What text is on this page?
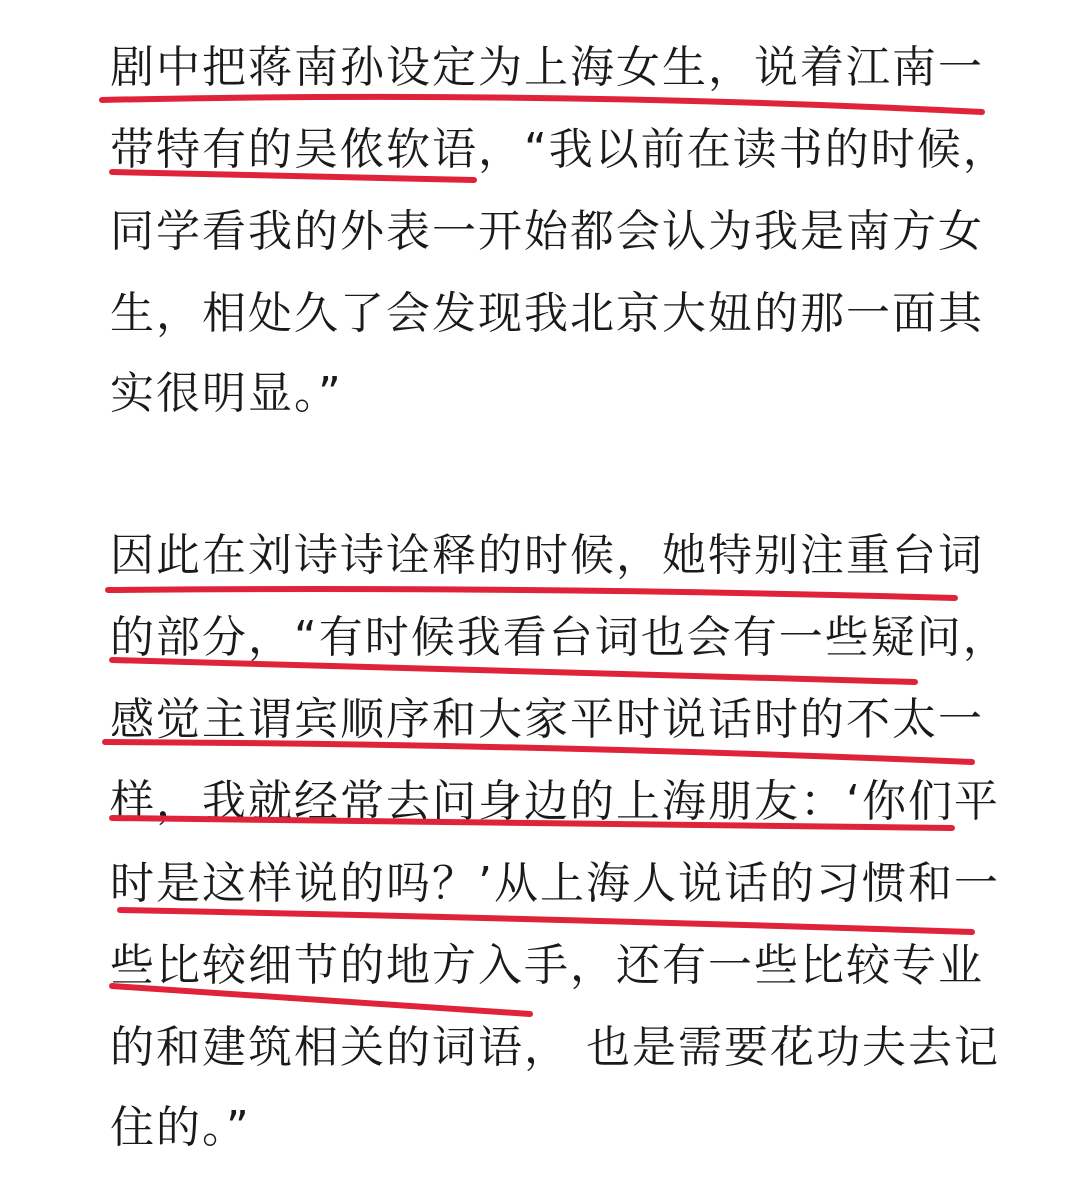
剧中把蒋南孙设定为上海女生，说着江南一
带特有的吴侬软语，“我以前在读书的时候，
同学看我的外表一开始都会认为我是南方女
生，相处久了会发现我北京大妞的那一面其
实很明显。”
因此在刘诗诗诠释的时候，她特别注重台词
的部分，“有时候我看台词也会有一些疑问，
感觉主谓宾顺序和大家平时说话时的不太一
样，我就经常去问身边的上海朋友：‘你们平
时是这样说的吗？’从上海人说话的习惯和一
些比较细节的地方入手，还有一些比较专业
的和建筑相关的词语， 也是需要花功夫去记
住的。”
